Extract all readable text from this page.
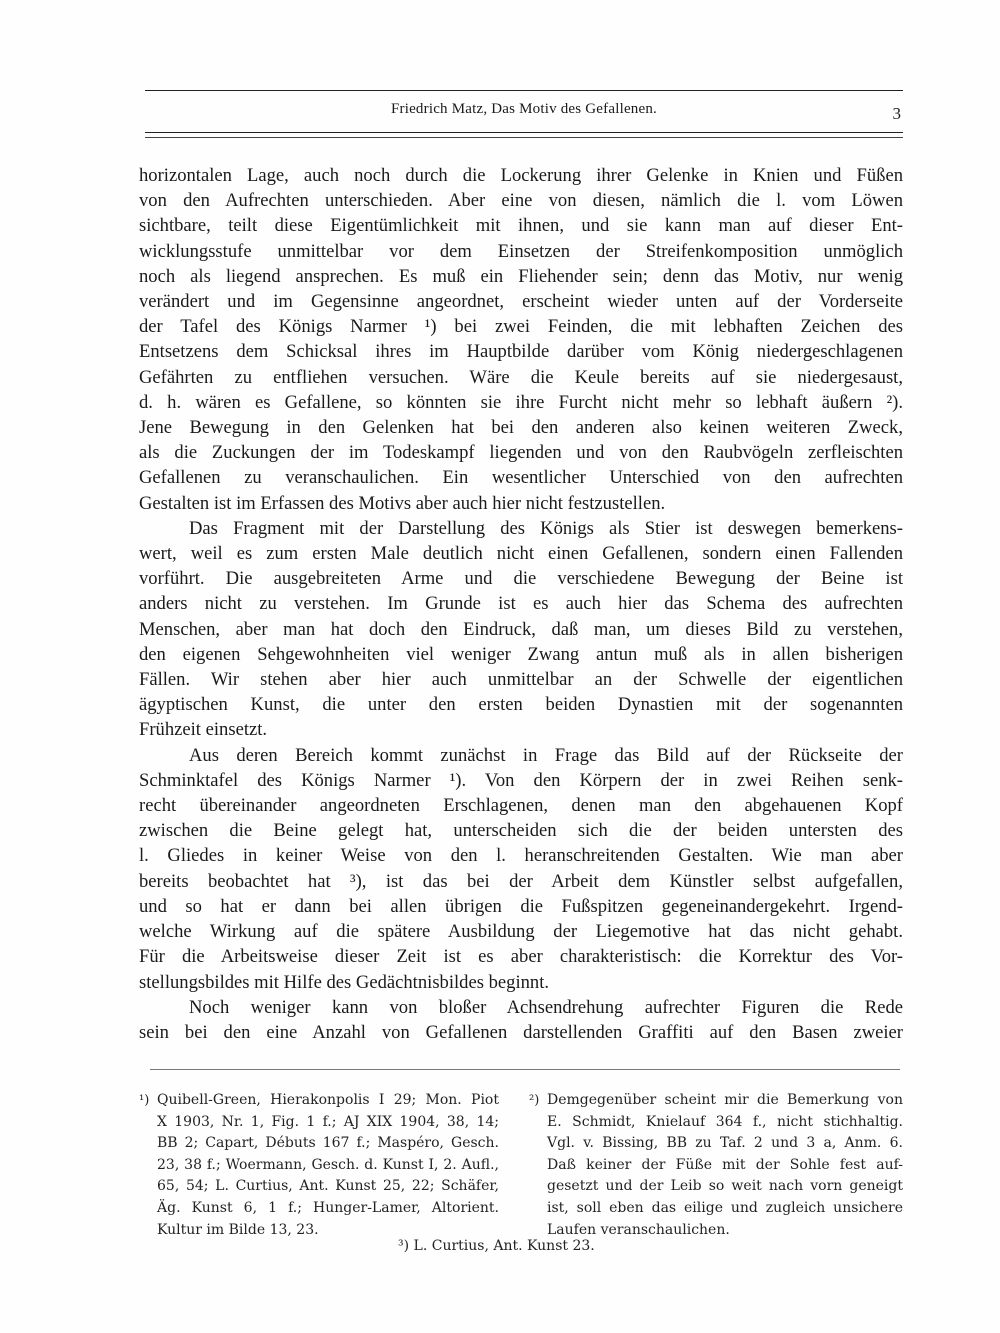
Friedrich Matz, Das Motiv des Gefallenen.	3

horizontalen Lage, auch noch durch die Lockerung ihrer Gelenke in Knien und Füßen
von den Aufrechten unterschieden. Aber eine von diesen, nämlich die l. vom Löwen
sichtbare, teilt diese Eigentümlichkeit mit ihnen, und sie kann man auf dieser Ent-
wicklungsstufe unmittelbar vor dem Einsetzen der Streifenkomposition unmöglich
noch als liegend ansprechen. Es muß ein Fliehender sein; denn das Motiv, nur wenig
verändert und im Gegensinne angeordnet, erscheint wieder unten auf der Vorderseite
der Tafel des Königs Narmer ¹) bei zwei Feinden, die mit lebhaften Zeichen des
Entsetzens dem Schicksal ihres im Hauptbilde darüber vom König niedergeschlagenen
Gefährten zu entfliehen versuchen. Wäre die Keule bereits auf sie niedergesaust,
d. h. wären es Gefallene, so könnten sie ihre Furcht nicht mehr so lebhaft äußern ²).
Jene Bewegung in den Gelenken hat bei den anderen also keinen weiteren Zweck,
als die Zuckungen der im Todeskampf liegenden und von den Raubvögeln zerfleischten
Gefallenen zu veranschaulichen. Ein wesentlicher Unterschied von den aufrechten
Gestalten ist im Erfassen des Motivs aber auch hier nicht festzustellen.

Das Fragment mit der Darstellung des Königs als Stier ist deswegen bemerkens-
wert, weil es zum ersten Male deutlich nicht einen Gefallenen, sondern einen Fallenden
vorführt. Die ausgebreiteten Arme und die verschiedene Bewegung der Beine ist
anders nicht zu verstehen. Im Grunde ist es auch hier das Schema des aufrechten
Menschen, aber man hat doch den Eindruck, daß man, um dieses Bild zu verstehen,
den eigenen Sehgewohnheiten viel weniger Zwang antun muß als in allen bisherigen
Fällen. Wir stehen aber hier auch unmittelbar an der Schwelle der eigentlichen
ägyptischen Kunst, die unter den ersten beiden Dynastien mit der sogenannten
Frühzeit einsetzt.

Aus deren Bereich kommt zunächst in Frage das Bild auf der Rückseite der
Schminktafel des Königs Narmer ¹). Von den Körpern der in zwei Reihen senk-
recht übereinander angeordneten Erschlagenen, denen man den abgehauenen Kopf
zwischen die Beine gelegt hat, unterscheiden sich die der beiden untersten des
l. Gliedes in keiner Weise von den l. heranschreitenden Gestalten. Wie man aber
bereits beobachtet hat ³), ist das bei der Arbeit dem Künstler selbst aufgefallen,
und so hat er dann bei allen übrigen die Fußspitzen gegeneinandergekehrt. Irgend-
welche Wirkung auf die spätere Ausbildung der Liegemotive hat das nicht gehabt.
Für die Arbeitsweise dieser Zeit ist es aber charakteristisch: die Korrektur des Vor-
stellungsbildes mit Hilfe des Gedächtnisbildes beginnt.

Noch weniger kann von bloßer Achsendrehung aufrechter Figuren die Rede
sein bei den eine Anzahl von Gefallenen darstellenden Graffiti auf den Basen zweier

¹) Quibell-Green, Hierakonpolis I 29; Mon. Piot
X 1903, Nr. 1, Fig. 1 f.; AJ XIX 1904, 38, 14;
BB 2; Capart, Débuts 167 f.; Maspéro, Gesch.
23, 38 f.; Woermann, Gesch. d. Kunst I, 2. Aufl.,
65, 54; L. Curtius, Ant. Kunst 25, 22; Schäfer,
Äg. Kunst 6, 1 f.; Hunger-Lamer, Altorient.
Kultur im Bilde 13, 23.
²) Demgegenüber scheint mir die Bemerkung von
E. Schmidt, Knielauf 364 f., nicht stichhaltig.
Vgl. v. Bissing, BB zu Taf. 2 und 3 a, Anm. 6.
Daß keiner der Füße mit der Sohle fest auf-
gesetzt und der Leib so weit nach vorn geneigt
ist, soll eben das eilige und zugleich unsichere
Laufen veranschaulichen.
³) L. Curtius, Ant. Kunst 23.
